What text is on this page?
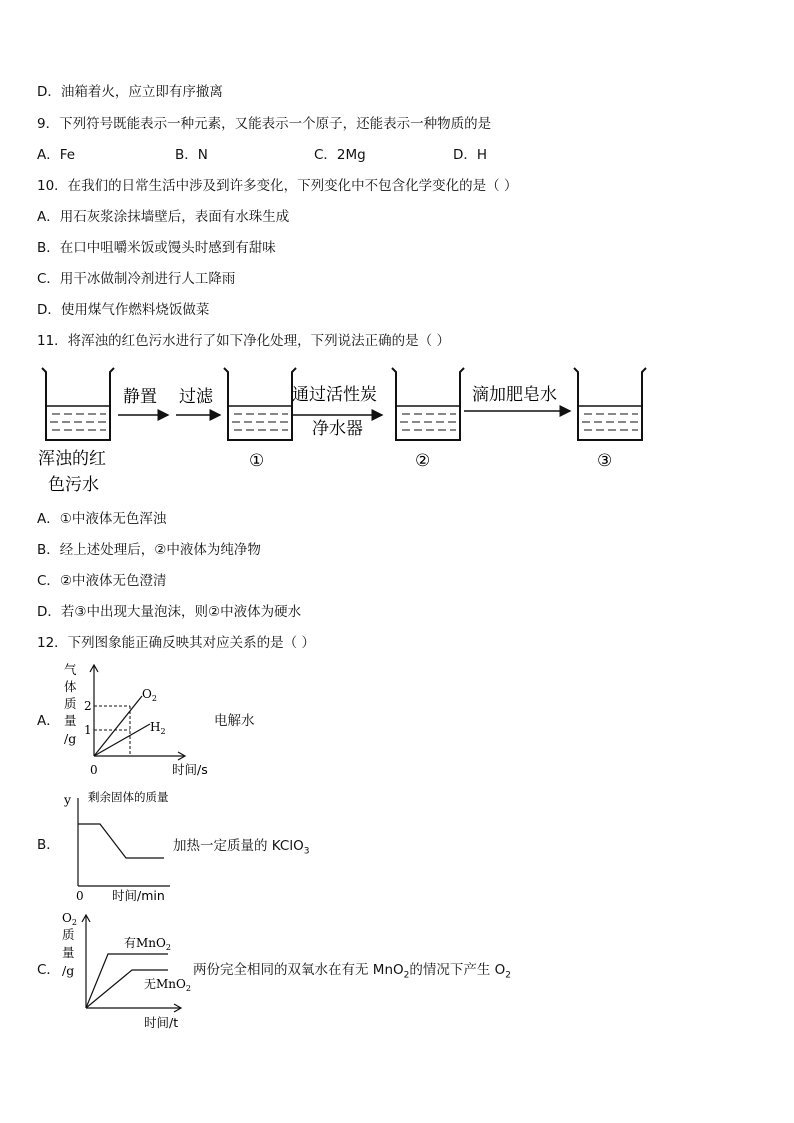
D．油箱着火，应立即有序撤离
9．下列符号既能表示一种元素，又能表示一个原子，还能表示一种物质的是
A．Fe	B．N	C．2Mg	D．H
10．在我们的日常生活中涉及到许多变化，下列变化中不包含化学变化的是（ ）
A．用石灰浆涂抹墙壁后，表面有水珠生成
B．在口中咀嚼米饭或馒头时感到有甜味
C．用干冰做制冷剂进行人工降雨
D．使用煤气作燃料烧饭做菜
11．将浑浊的红色污水进行了如下净化处理，下列说法正确的是（ ）
浑浊的红
色污水
静置 过滤
①
通过活性炭
净水器
②
滴加肥皂水
③
A．①中液体无色浑浊
B．经上述处理后，②中液体为纯净物
C．②中液体无色澄清
D．若③中出现大量泡沫，则②中液体为硬水
12．下列图象能正确反映其对应关系的是（ ）
A．
气
体
质
量
/g
2
1
$O_2$
$H_2$
0	时间/s
电解水
B．
y 剩余固体的质量
0 时间/min
加热一定质量的 KClO$_3$
C．
$O_2$
质
量
/g
有MnO$_2$
无MnO$_2$
时间/t
两份完全相同的双氧水在有无 MnO$_2$的情况下产生 $O_2$
